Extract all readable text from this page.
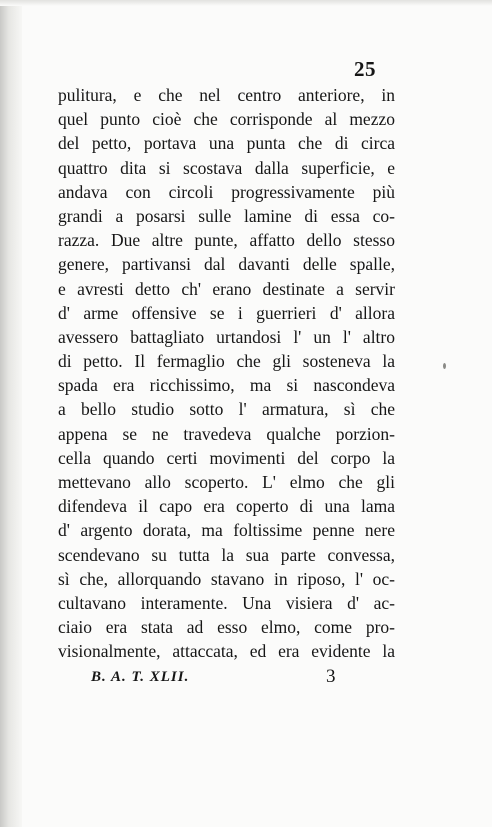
25
pulitura, e che nel centro anteriore, in
quel punto cioè che corrisponde al mezzo
del petto, portava una punta che di circa
quattro dita si scostava dalla superficie, e
andava con circoli progressivamente più
grandi a posarsi sulle lamine di essa co-
razza. Due altre punte, affatto dello stesso
genere, partivansi dal davanti delle spalle,
e avresti detto ch' erano destinate a servir
d' arme offensive se i guerrieri d' allora
avessero battagliato urtandosi l' un l' altro
di petto. Il fermaglio che gli sosteneva la
spada era ricchissimo, ma si nascondeva
a bello studio sotto l' armatura, sì che
appena se ne travedeva qualche porzion-
cella quando certi movimenti del corpo la
mettevano allo scoperto. L' elmo che gli
difendeva il capo era coperto di una lama
d' argento dorata, ma foltissime penne nere
scendevano su tutta la sua parte convessa,
sì che, allorquando stavano in riposo, l' oc-
cultavano interamente. Una visiera d' ac-
ciaio era stata ad esso elmo, come pro-
visionalmente, attaccata, ed era evidente la
B. A. T. XLII.	3
